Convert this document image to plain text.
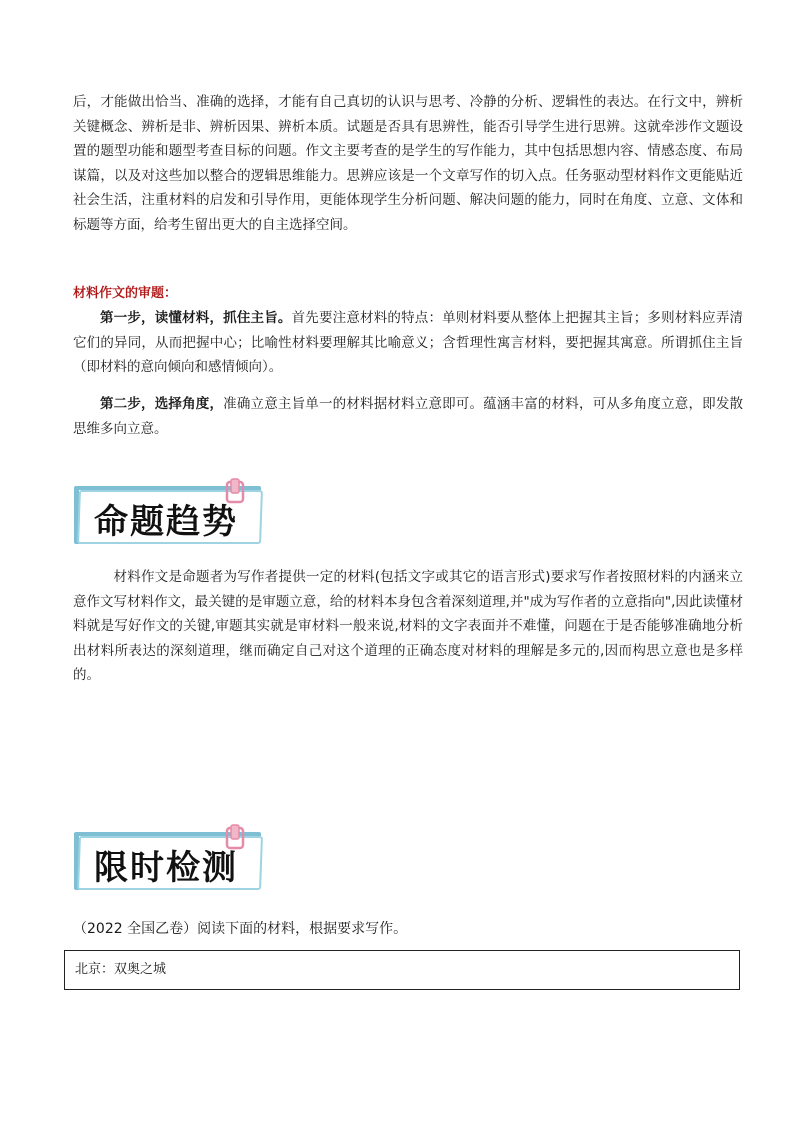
后，才能做出恰当、准确的选择，才能有自己真切的认识与思考、冷静的分析、逻辑性的表达。在行文中，辨析关键概念、辨析是非、辨析因果、辨析本质。试题是否具有思辨性，能否引导学生进行思辨。这就牵涉作文题设置的题型功能和题型考查目标的问题。作文主要考查的是学生的写作能力，其中包括思想内容、情感态度、布局谋篇，以及对这些加以整合的逻辑思维能力。思辨应该是一个文章写作的切入点。任务驱动型材料作文更能贴近社会生活，注重材料的启发和引导作用，更能体现学生分析问题、解决问题的能力，同时在角度、立意、文体和标题等方面，给考生留出更大的自主选择空间。

材料作文的审题：

第一步，读懂材料，抓住主旨。首先要注意材料的特点：单则材料要从整体上把握其主旨；多则材料应弄清它们的异同，从而把握中心；比喻性材料要理解其比喻意义；含哲理性寓言材料，要把握其寓意。所谓抓住主旨（即材料的意向倾向和感情倾向）。

第二步，选择角度，准确立意主旨单一的材料据材料立意即可。蕴涵丰富的材料，可从多角度立意，即发散思维多向立意。

命题趋势

材料作文是命题者为写作者提供一定的材料(包括文字或其它的语言形式)要求写作者按照材料的内涵来立意作文写材料作文，最关键的是审题立意，给的材料本身包含着深刻道理,并"成为写作者的立意指向",因此读懂材料就是写好作文的关键,审题其实就是审材料一般来说,材料的文字表面并不难懂，问题在于是否能够准确地分析出材料所表达的深刻道理，继而确定自己对这个道理的正确态度对材料的理解是多元的,因而构思立意也是多样的。

限时检测

（2022 全国乙卷）阅读下面的材料，根据要求写作。

北京：双奥之城
